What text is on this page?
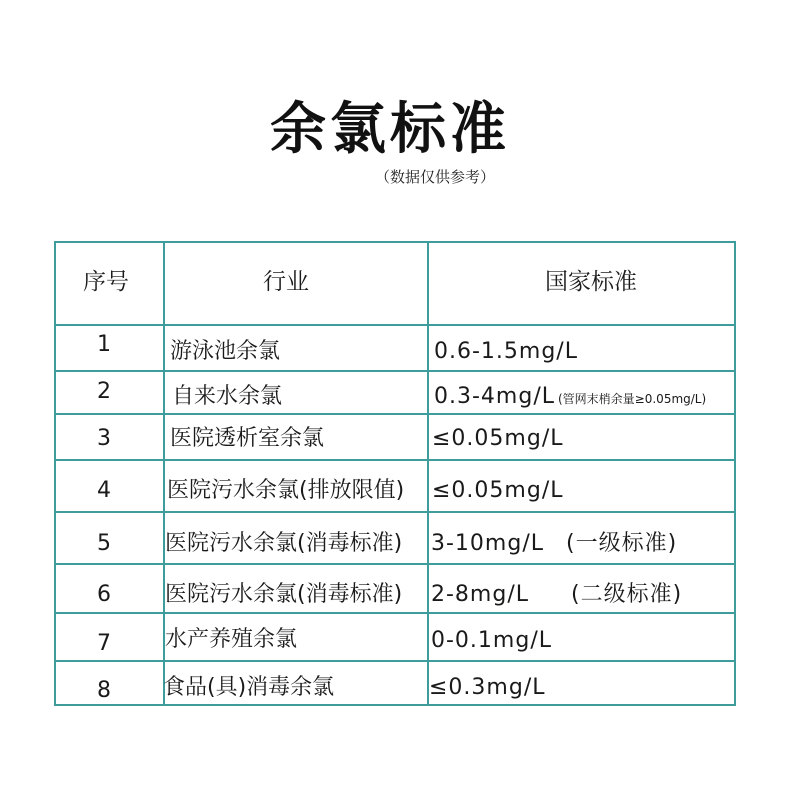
余氯标准
（数据仅供参考）
序号	行业	国家标准
1	游泳池余氯	0.6-1.5mg/L
2	自来水余氯	0.3-4mg/L (管网末梢余量≥0.05mg/L)
3	医院透析室余氯	≤0.05mg/L
4	医院污水余氯(排放限值) ≤0.05mg/L
5 医院污水余氯(消毒标准) 3-10mg/L (一级标准)
6 医院污水余氯(消毒标准) 2-8mg/L (二级标准)
7 水产养殖余氯	0-0.1mg/L
8 食品(具)消毒余氯	≤0.3mg/L
